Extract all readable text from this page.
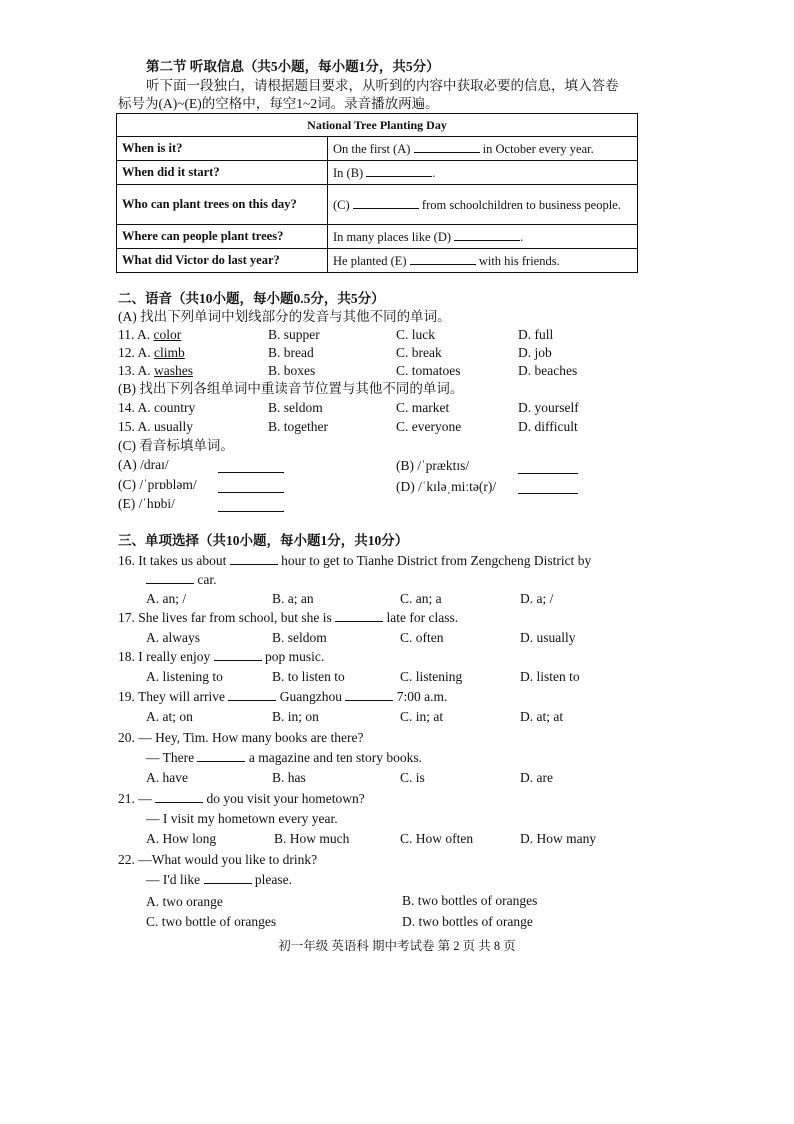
第二节 听取信息（共5小题，每小题1分，共5分）
听下面一段独白，请根据题目要求，从听到的内容中获取必要的信息，填入答卷
标号为(A)~(E)的空格中，每空1~2词。录音播放两遍。
National Tree Planting Day	
When is it?	On the first (A) in October every year.
When did it start?	In (B) .
Who can plant trees on this day?	(C) from schoolchildren to business people.
Where can people plant trees?	In many places like (D) .
What did Victor do last year?	He planted (E) with his friends.
二、语音（共10小题，每小题0.5分，共5分）
(A) 找出下列单词中划线部分的发音与其他不同的单词。
11. A. color	B. supper	C. luck	D. full
12. A. climb	B. bread	C. break	D. job
13. A. washes	B. boxes	C. tomatoes	D. beaches
(B) 找出下列各组单词中重读音节位置与其他不同的单词。
14. A. country	B. seldom	C. market	D. yourself
15. A. usually	B. together	C. everyone	D. difficult
(C) 看音标填单词。
(A) /draɪ/	(B) /ˈpræktɪs/
(C) /ˈprɒbləm/	(D) /ˈkɪləˌmiːtə(r)/
(E) /ˈhɒbi/
三、单项选择（共10小题，每小题1分，共10分）
16. It takes us about	hour to get to Tianhe District from Zengcheng District by
car.
A. an; /	B. a; an	C. an; a	D. a; /
17. She lives far from school, but she is	late for class.
A. always	B. seldom	C. often	D. usually
18. I really enjoy	pop music.
A. listening to	B. to listen to	C. listening	D. listen to
19. They will arrive	Guangzhou	7:00 a.m.
A. at; on	B. in; on	C. in; at	D. at; at
20. — Hey, Tim. How many books are there?
— There	a magazine and ten story books.
A. have	B. has	C. is	D. are
21. —	do you visit your hometown?
— I visit my hometown every year.
A. How long	B. How much	C. How often	D. How many
22. —What would you like to drink?
— I'd like	please.
A. two orange	B. two bottles of oranges
C. two bottle of oranges	D. two bottles of orange
初一年级 英语科 期中考试卷 第 2 页 共 8 页
